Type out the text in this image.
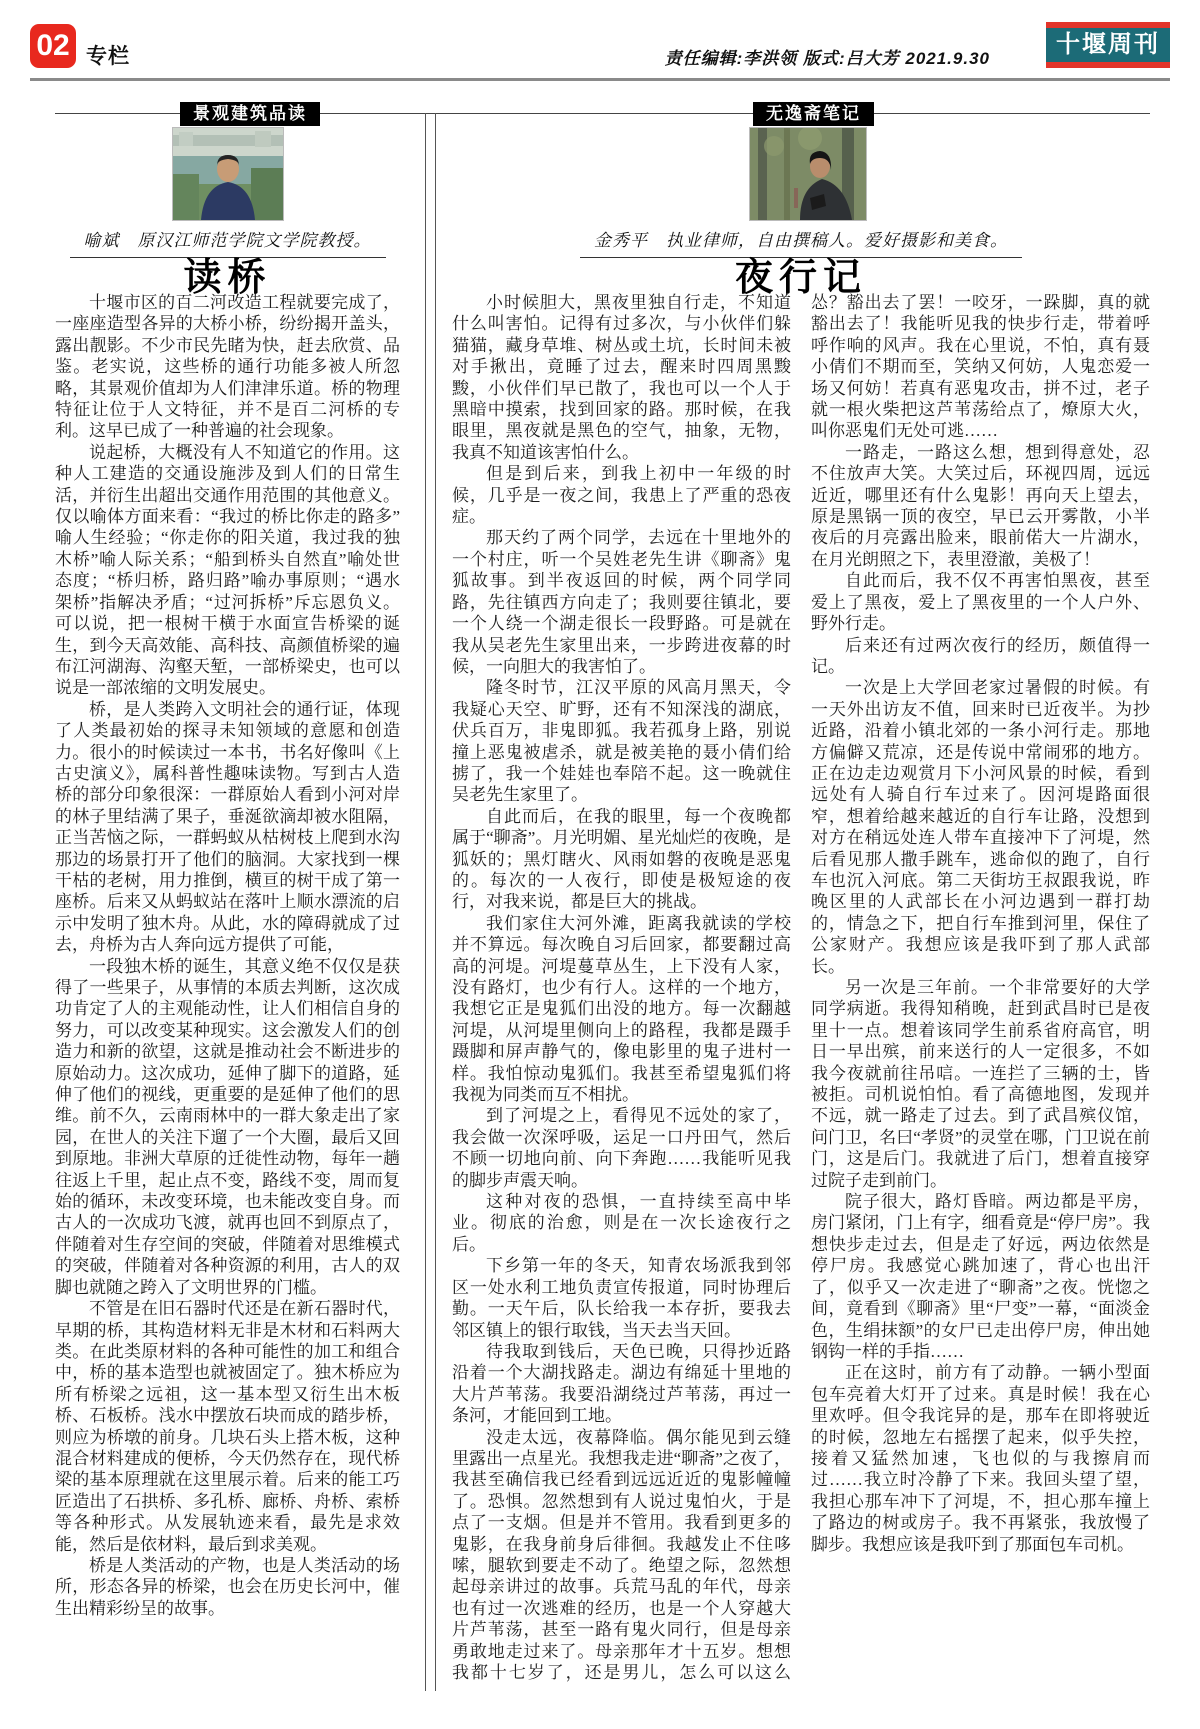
02 专栏	责任编辑:李洪领 版式:吕大芳 2021.9.30
十堰周刊
景观建筑品读
喻斌　原汉江师范学院文学院教授。
读桥

十堰市区的百二河改造工程就要完成了，一座座造型各异的大桥小桥，纷纷揭开盖头，露出靓影。不少市民先睹为快，赶去欣赏、品鉴。老实说，这些桥的通行功能多被人所忽略，其景观价值却为人们津津乐道。桥的物理特征让位于人文特征，并不是百二河桥的专利。这早已成了一种普遍的社会现象。

说起桥，大概没有人不知道它的作用。这种人工建造的交通设施涉及到人们的日常生活，并衍生出超出交通作用范围的其他意义。仅以喻体方面来看：“我过的桥比你走的路多”喻人生经验；“你走你的阳关道，我过我的独木桥”喻人际关系；“船到桥头自然直”喻处世态度；“桥归桥，路归路”喻办事原则；“遇水架桥”指解决矛盾；“过河拆桥”斥忘恩负义。可以说，把一根树干横于水面宣告桥梁的诞生，到今天高效能、高科技、高颜值桥梁的遍布江河湖海、沟壑天堑，一部桥梁史，也可以说是一部浓缩的文明发展史。

桥，是人类跨入文明社会的通行证，体现了人类最初始的探寻未知领域的意愿和创造力。很小的时候读过一本书，书名好像叫《上古史演义》，属科普性趣味读物。写到古人造桥的部分印象很深：一群原始人看到小河对岸的林子里结满了果子，垂涎欲滴却被水阻隔，正当苦恼之际，一群蚂蚁从枯树枝上爬到水沟那边的场景打开了他们的脑洞。大家找到一棵干枯的老树，用力推倒，横亘的树干成了第一座桥。后来又从蚂蚁站在落叶上顺水漂流的启示中发明了独木舟。从此，水的障碍就成了过去，舟桥为古人奔向远方提供了可能，

一段独木桥的诞生，其意义绝不仅仅是获得了一些果子，从事情的本质去判断，这次成功肯定了人的主观能动性，让人们相信自身的努力，可以改变某种现实。这会激发人们的创造力和新的欲望，这就是推动社会不断进步的原始动力。这次成功，延伸了脚下的道路，延伸了他们的视线，更重要的是延伸了他们的思维。前不久，云南雨林中的一群大象走出了家园，在世人的关注下遛了一个大圈，最后又回到原地。非洲大草原的迁徙性动物，每年一趟往返上千里，起止点不变，路线不变，周而复始的循环，未改变环境，也未能改变自身。而古人的一次成功飞渡，就再也回不到原点了，伴随着对生存空间的突破，伴随着对思维模式的突破，伴随着对各种资源的利用，古人的双脚也就随之跨入了文明世界的门槛。

不管是在旧石器时代还是在新石器时代，早期的桥，其构造材料无非是木材和石料两大类。在此类原材料的各种可能性的加工和组合中，桥的基本造型也就被固定了。独木桥应为所有桥梁之远祖，这一基本型又衍生出木板桥、石板桥。浅水中摆放石块而成的踏步桥，则应为桥墩的前身。几块石头上搭木板，这种混合材料建成的便桥，今天仍然存在，现代桥梁的基本原理就在这里展示着。后来的能工巧匠造出了石拱桥、多孔桥、廊桥、舟桥、索桥等各种形式。从发展轨迹来看，最先是求效能，然后是依材料，最后到求美观。

桥是人类活动的产物，也是人类活动的场所，形态各异的桥梁，也会在历史长河中，催生出精彩纷呈的故事。

无逸斋笔记
金秀平　执业律师，自由撰稿人。爱好摄影和美食。
夜行记

小时候胆大，黑夜里独自行走，不知道什么叫害怕。记得有过多次，与小伙伴们躲猫猫，藏身草堆、树丛或土坑，长时间未被对手揪出，竟睡了过去，醒来时四周黑黢黢，小伙伴们早已散了，我也可以一个人于黑暗中摸索，找到回家的路。那时候，在我眼里，黑夜就是黑色的空气，抽象，无物，我真不知道该害怕什么。

但是到后来，到我上初中一年级的时候，几乎是一夜之间，我患上了严重的恐夜症。

那天约了两个同学，去远在十里地外的一个村庄，听一个吴姓老先生讲《聊斋》鬼狐故事。到半夜返回的时候，两个同学同路，先往镇西方向走了；我则要往镇北，要一个人绕一个湖走很长一段野路。可是就在我从吴老先生家里出来，一步跨进夜幕的时候，一向胆大的我害怕了。

隆冬时节，江汉平原的风高月黑天，令我疑心天空、旷野，还有不知深浅的湖底，伏兵百万，非鬼即狐。我若孤身上路，别说撞上恶鬼被虐杀，就是被美艳的聂小倩们给掳了，我一个娃娃也奉陪不起。这一晚就住吴老先生家里了。

自此而后，在我的眼里，每一个夜晚都属于“聊斋”。月光明媚、星光灿烂的夜晚，是狐妖的；黑灯瞎火、风雨如磐的夜晚是恶鬼的。每次的一人夜行，即使是极短途的夜行，对我来说，都是巨大的挑战。

我们家住大河外滩，距离我就读的学校并不算远。每次晚自习后回家，都要翻过高高的河堤。河堤蔓草丛生，上下没有人家，没有路灯，也少有行人。这样的一个地方，我想它正是鬼狐们出没的地方。每一次翻越河堤，从河堤里侧向上的路程，我都是蹑手蹑脚和屏声静气的，像电影里的鬼子进村一样。我怕惊动鬼狐们。我甚至希望鬼狐们将我视为同类而互不相扰。

到了河堤之上，看得见不远处的家了，我会做一次深呼吸，运足一口丹田气，然后不顾一切地向前、向下奔跑……我能听见我的脚步声震天响。

这种对夜的恐惧，一直持续至高中毕业。彻底的治愈，则是在一次长途夜行之后。

下乡第一年的冬天，知青农场派我到邻区一处水利工地负责宣传报道，同时协理后勤。一天午后，队长给我一本存折，要我去邻区镇上的银行取钱，当天去当天回。

待我取到钱后，天色已晚，只得抄近路沿着一个大湖找路走。湖边有绵延十里地的大片芦苇荡。我要沿湖绕过芦苇荡，再过一条河，才能回到工地。

没走太远，夜幕降临。偶尔能见到云缝里露出一点星光。我想我走进“聊斋”之夜了，我甚至确信我已经看到远远近近的鬼影幢幢了。恐惧。忽然想到有人说过鬼怕火，于是点了一支烟。但是并不管用。我看到更多的鬼影，在我身前身后徘徊。我越发止不住哆嗦，腿软到要走不动了。绝望之际，忽然想起母亲讲过的故事。兵荒马乱的年代，母亲也有过一次逃难的经历，也是一个人穿越大片芦苇荡，甚至一路有鬼火同行，但是母亲勇敢地走过来了。母亲那年才十五岁。想想我都十七岁了，还是男儿，怎么可以这么怂？豁出去了罢！一咬牙，一跺脚，真的就豁出去了！我能听见我的快步行走，带着呼呼作响的风声。我在心里说，不怕，真有聂小倩们不期而至，笑纳又何妨，人鬼恋爱一场又何妨！若真有恶鬼攻击，拼不过，老子就一根火柴把这芦苇荡给点了，燎原大火，叫你恶鬼们无处可逃……

一路走，一路这么想，想到得意处，忍不住放声大笑。大笑过后，环视四周，远远近近，哪里还有什么鬼影！再向天上望去，原是黑锅一顶的夜空，早已云开雾散，小半夜后的月亮露出脸来，眼前偌大一片湖水，在月光朗照之下，表里澄澈，美极了！

自此而后，我不仅不再害怕黑夜，甚至爱上了黑夜，爱上了黑夜里的一个人户外、野外行走。

后来还有过两次夜行的经历，颇值得一记。

一次是上大学回老家过暑假的时候。有一天外出访友不值，回来时已近夜半。为抄近路，沿着小镇北郊的一条小河行走。那地方偏僻又荒凉，还是传说中常闹邪的地方。正在边走边观赏月下小河风景的时候，看到远处有人骑自行车过来了。因河堤路面很窄，想着给越来越近的自行车让路，没想到对方在稍远处连人带车直接冲下了河堤，然后看见那人撒手跳车，逃命似的跑了，自行车也沉入河底。第二天街坊王叔跟我说，昨晚区里的人武部长在小河边遇到一群打劫的，情急之下，把自行车推到河里，保住了公家财产。我想应该是我吓到了那人武部长。

另一次是三年前。一个非常要好的大学同学病逝。我得知稍晚，赶到武昌时已是夜里十一点。想着该同学生前系省府高官，明日一早出殡，前来送行的人一定很多，不如我今夜就前往吊唁。一连拦了三辆的士，皆被拒。司机说怕怕。看了高德地图，发现并不远，就一路走了过去。到了武昌殡仪馆，问门卫，名曰“孝贤”的灵堂在哪，门卫说在前门，这是后门。我就进了后门，想着直接穿过院子走到前门。

院子很大，路灯昏暗。两边都是平房，房门紧闭，门上有字，细看竟是“停尸房”。我想快步走过去，但是走了好远，两边依然是停尸房。我感觉心跳加速了，背心也出汗了，似乎又一次走进了“聊斋”之夜。恍惚之间，竟看到《聊斋》里“尸变”一幕，“面淡金色，生绢抹额”的女尸已走出停尸房，伸出她钢钩一样的手指……

正在这时，前方有了动静。一辆小型面包车亮着大灯开了过来。真是时候！我在心里欢呼。但令我诧异的是，那车在即将驶近的时候，忽地左右摇摆了起来，似乎失控，接着又猛然加速，飞也似的与我擦肩而过……我立时冷静了下来。我回头望了望，我担心那车冲下了河堤，不，担心那车撞上了路边的树或房子。我不再紧张，我放慢了脚步。我想应该是我吓到了那面包车司机。
